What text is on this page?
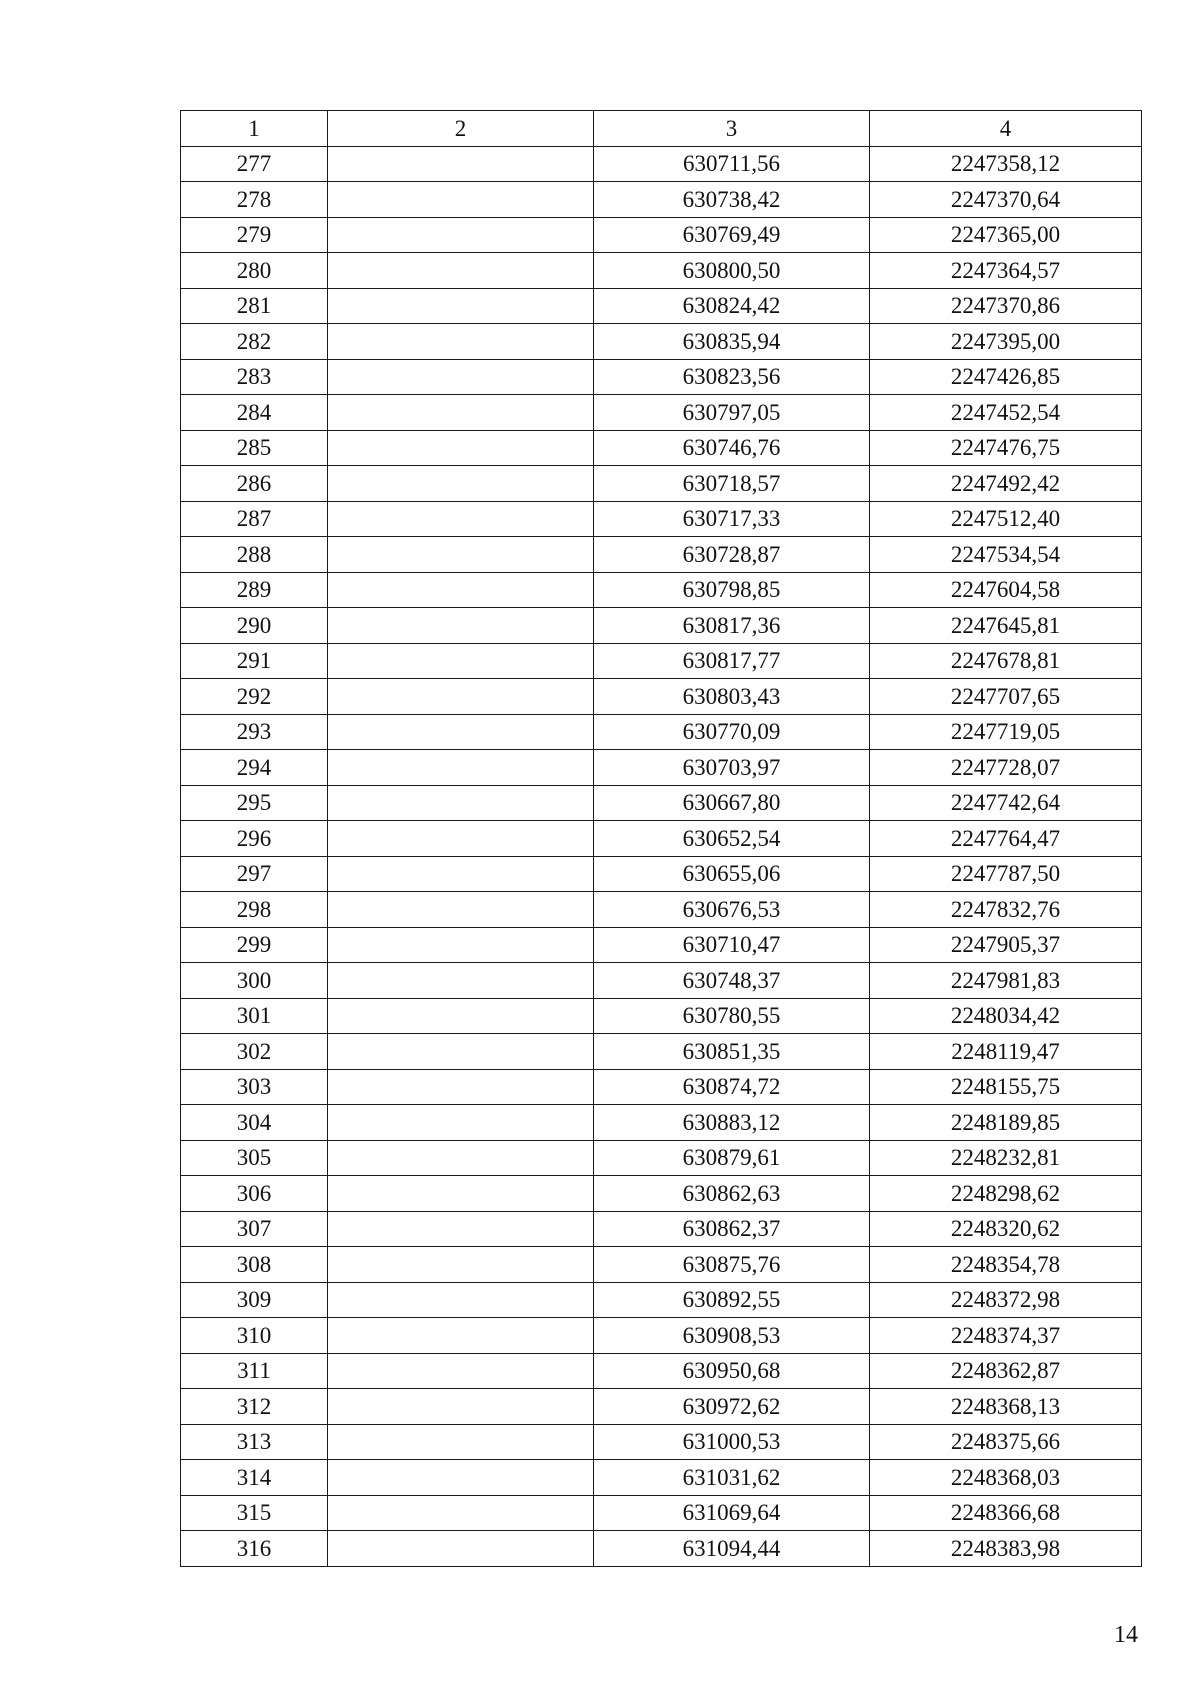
1	2	3	4
277		630711,56	2247358,12
278		630738,42	2247370,64
279		630769,49	2247365,00
280		630800,50	2247364,57
281		630824,42	2247370,86
282		630835,94	2247395,00
283		630823,56	2247426,85
284		630797,05	2247452,54
285		630746,76	2247476,75
286		630718,57	2247492,42
287		630717,33	2247512,40
288		630728,87	2247534,54
289		630798,85	2247604,58
290		630817,36	2247645,81
291		630817,77	2247678,81
292		630803,43	2247707,65
293		630770,09	2247719,05
294		630703,97	2247728,07
295		630667,80	2247742,64
296		630652,54	2247764,47
297		630655,06	2247787,50
298		630676,53	2247832,76
299		630710,47	2247905,37
300		630748,37	2247981,83
301		630780,55	2248034,42
302		630851,35	2248119,47
303		630874,72	2248155,75
304		630883,12	2248189,85
305		630879,61	2248232,81
306		630862,63	2248298,62
307		630862,37	2248320,62
308		630875,76	2248354,78
309		630892,55	2248372,98
310		630908,53	2248374,37
311		630950,68	2248362,87
312		630972,62	2248368,13
313		631000,53	2248375,66
314		631031,62	2248368,03
315		631069,64	2248366,68
316		631094,44	2248383,98
14
